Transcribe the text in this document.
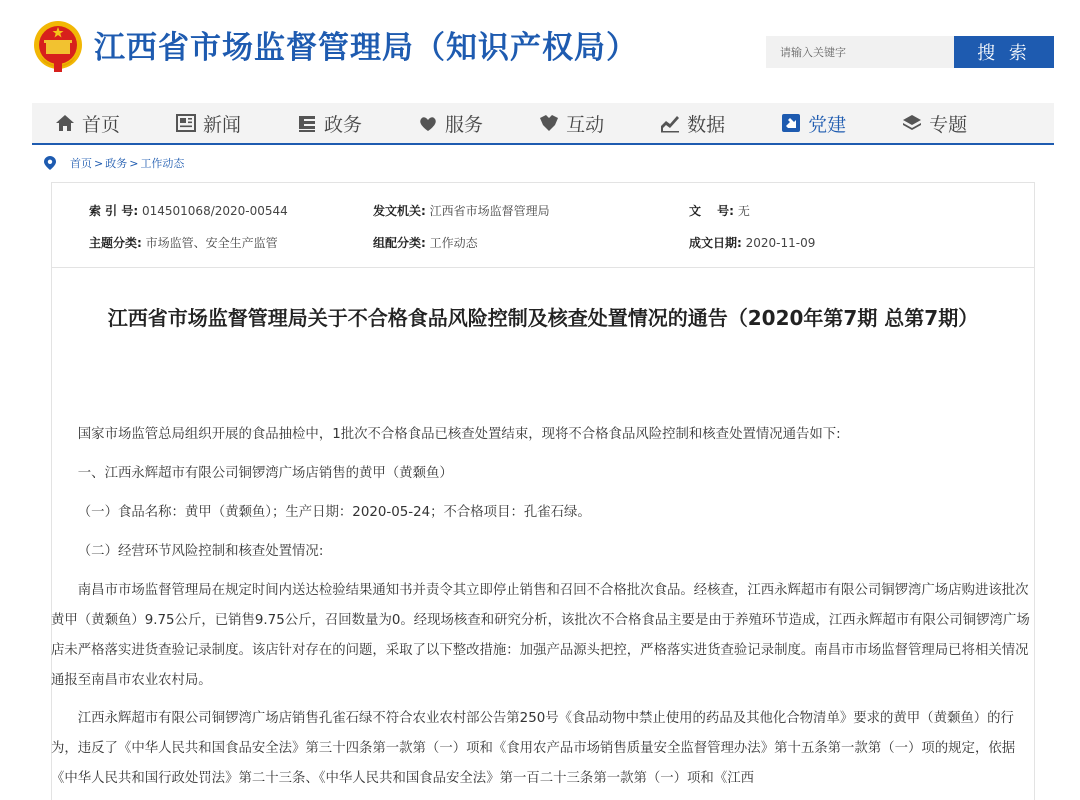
江西省市场监督管理局（知识产权局）
请输入关键字	搜 索
首页	新闻	政务	服务	互动	数据	党建	专题
首页 > 政务 > 工作动态
索 引 号: 014501068/2020-00544	发文机关: 江西省市场监督管理局	文　 号: 无
主题分类: 市场监管、安全生产监管	组配分类: 工作动态	成文日期: 2020-11-09
江西省市场监督管理局关于不合格食品风险控制及核查处置情况的通告（2020年第7期 总第7期）

国家市场监管总局组织开展的食品抽检中，1批次不合格食品已核查处置结束，现将不合格食品风险控制和核查处置情况通告如下:

一、江西永辉超市有限公司铜锣湾广场店销售的黄甲（黄颡鱼）

（一）食品名称：黄甲（黄颡鱼）；生产日期：2020-05-24；不合格项目：孔雀石绿。

（二）经营环节风险控制和核查处置情况:

南昌市市场监督管理局在规定时间内送达检验结果通知书并责令其立即停止销售和召回不合格批次食品。经核查，江西永辉超市有限公司铜锣湾广场店购进该批次黄甲（黄颡鱼）9.75公斤，已销售9.75公斤，召回数量为0。经现场核查和研究分析，该批次不合格食品主要是由于养殖环节造成，江西永辉超市有限公司铜锣湾广场店未严格落实进货查验记录制度。该店针对存在的问题，采取了以下整改措施：加强产品源头把控，严格落实进货查验记录制度。南昌市市场监督管理局已将相关情况通报至南昌市农业农村局。

江西永辉超市有限公司铜锣湾广场店销售孔雀石绿不符合农业农村部公告第250号《食品动物中禁止使用的药品及其他化合物清单》要求的黄甲（黄颡鱼）的行为，违反了《中华人民共和国食品安全法》第三十四条第一款第（一）项和《食用农产品市场销售质量安全监督管理办法》第十五条第一款第（一）项的规定，依据《中华人民共和国行政处罚法》第二十三条、《中华人民共和国食品安全法》第一百二十三条第一款第（一）项和《江西
